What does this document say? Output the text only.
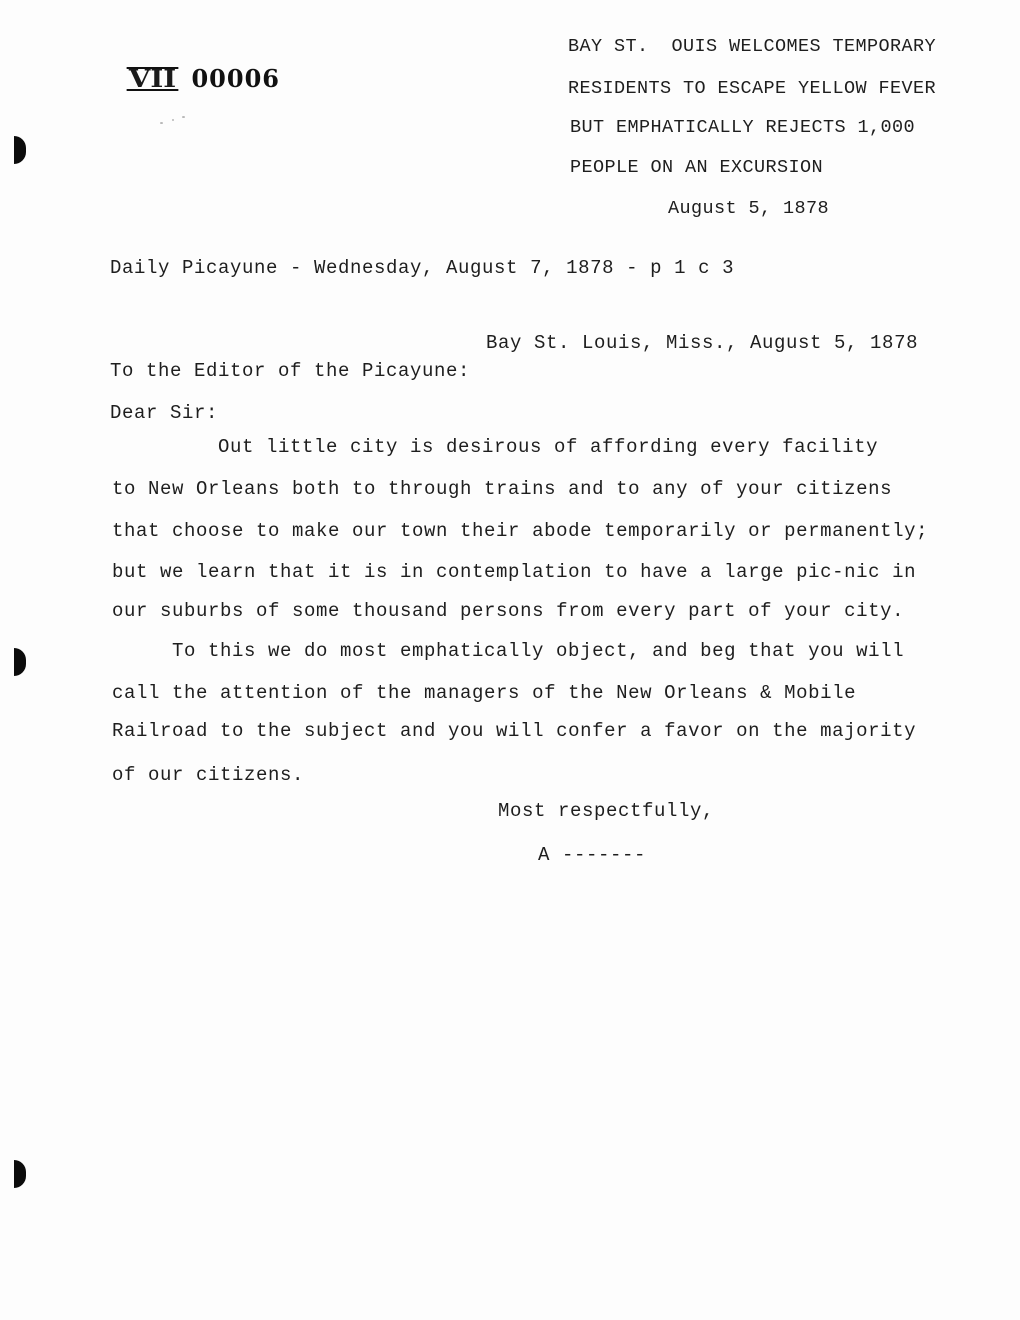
VII 00006

BAY ST.  OUIS WELCOMES TEMPORARY
RESIDENTS TO ESCAPE YELLOW FEVER
BUT EMPHATICALLY REJECTS 1,000
PEOPLE ON AN EXCURSION
August 5, 1878
Daily Picayune - Wednesday, August 7, 1878 - p 1 c 3
Bay St. Louis, Miss., August 5, 1878
To the Editor of the Picayune:
Dear Sir:
Out little city is desirous of affording every facility
to New Orleans both to through trains and to any of your citizens
that choose to make our town their abode temporarily or permanently;
but we learn that it is in contemplation to have a large pic-nic in
our suburbs of some thousand persons from every part of your city.
To this we do most emphatically object, and beg that you will
call the attention of the managers of the New Orleans & Mobile
Railroad to the subject and you will confer a favor on the majority
of our citizens.
Most respectfully,
A -------
